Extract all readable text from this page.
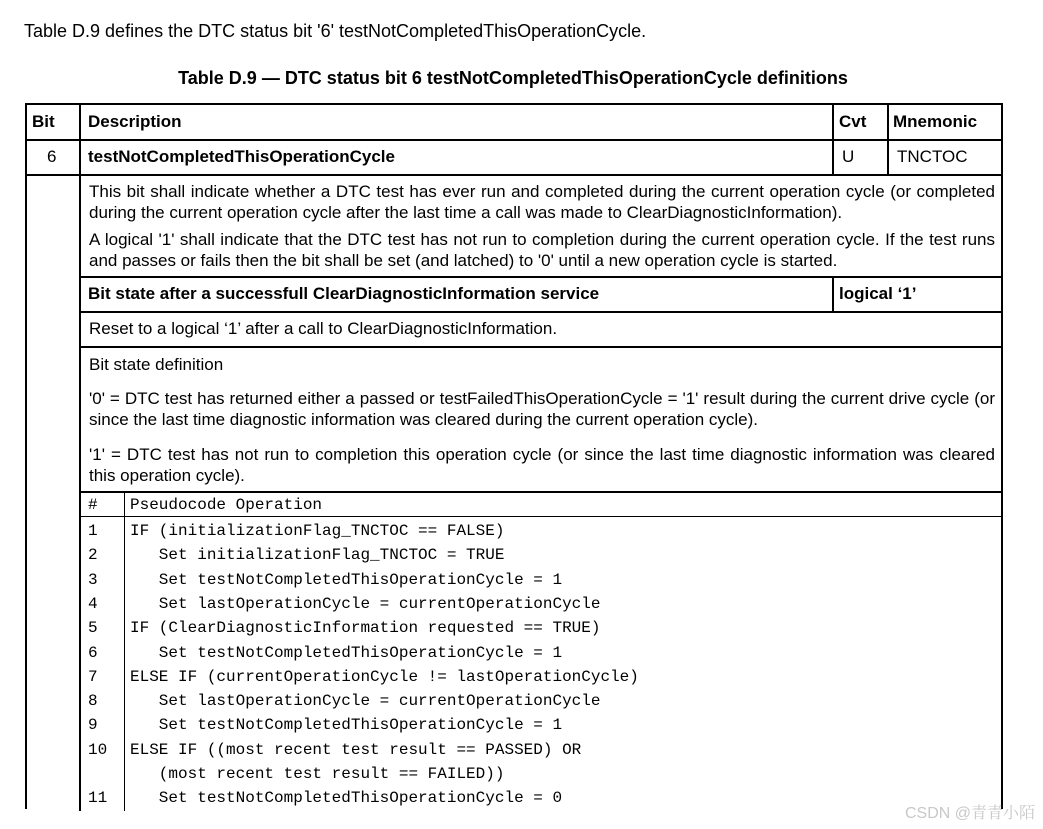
Table D.9 defines the DTC status bit '6' testNotCompletedThisOperationCycle.
Table D.9 — DTC status bit 6 testNotCompletedThisOperationCycle definitions
Bit Description	Cvt Mnemonic
6 testNotCompletedThisOperationCycle	U	TNCTOC
This bit shall indicate whether a DTC test has ever run and completed during the current operation cycle (or completed during the current operation cycle after the last time a call was made to ClearDiagnosticInformation).
A logical '1' shall indicate that the DTC test has not run to completion during the current operation cycle. If the test runs and passes or fails then the bit shall be set (and latched) to '0' until a new operation cycle is started.
Bit state after a successfull ClearDiagnosticInformation service	logical ‘1’
Reset to a logical ‘1’ after a call to ClearDiagnosticInformation.
Bit state definition
'0' = DTC test has returned either a passed or testFailedThisOperationCycle = '1' result during the current drive cycle (or since the last time diagnostic information was cleared during the current operation cycle).
'1' = DTC test has not run to completion this operation cycle (or since the last time diagnostic information was cleared this operation cycle).
# Pseudocode Operation
1 IF (initializationFlag_TNCTOC == FALSE)
2 Set initializationFlag_TNCTOC = TRUE
3 Set testNotCompletedThisOperationCycle = 1
4 Set lastOperationCycle = currentOperationCycle
5 IF (ClearDiagnosticInformation requested == TRUE)
6 Set testNotCompletedThisOperationCycle = 1
7 ELSE IF (currentOperationCycle != lastOperationCycle)
8 Set lastOperationCycle = currentOperationCycle
9 Set testNotCompletedThisOperationCycle = 1
10 ELSE IF ((most recent test result == PASSED) OR
(most recent test result == FAILED))
11 Set testNotCompletedThisOperationCycle = 0
CSDN @青青小陌
